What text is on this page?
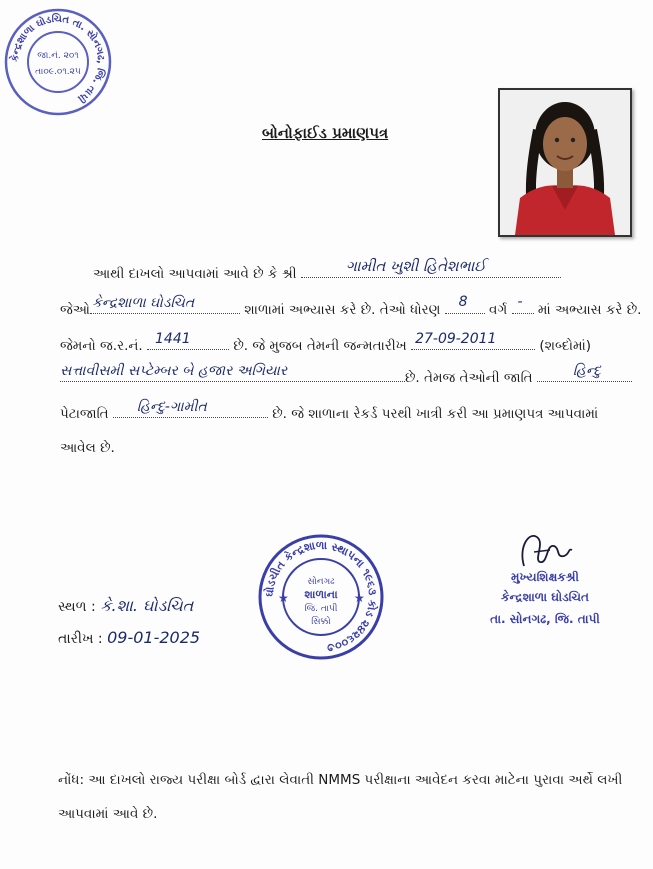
કેન્દ્રશાળા ઘોડચિત તા. સોનગઢ, જિ. તાપી
જા.નં. ૨૦૧
તા૦૯.૦૧.૨૫
બોનોફાઈડ પ્રમાણપત્ર
આથી દાખલો આપવામાં આવે છે કે શ્રી	ગામીત ખુશી હિતેશભાઈ
જેઓ કેન્દ્રશાળા ઘોડચિત	શાળામાં અભ્યાસ કરે છે. તેઓ ધોરણ 8 વર્ગ - માં અભ્યાસ કરે છે.
જેમનો જ.ર.નં. 1441	છે. જે મુજબ તેમની જન્મતારીખ 27-09-2011	(શબ્દોમાં)
સત્તાવીસમી સપ્ટેમ્બર બે હજાર અગિયાર	છે. તેમજ તેઓની જાતિ	હિન્દુ
પેટાજાતિ હિન્દુ-ગામીત	છે. જે શાળાના રેકર્ડ પરથી ખાત્રી કરી આ પ્રમાણપત્ર આપવામાં
આવેલ છે.
સ્થળ : કે.શા. ઘોડચિત
તારીખ : 09-01-2025
ઘોડચીત કેન્દ્રશાળા સ્થાપના ૧૯૬૩ કોડ ૨૪૨૬૦૦૭
★	★
સોનગઢ
શાળાના
જિ. તાપી
સિક્કો
મુખ્યશિક્ષકશ્રી
કેન્દ્રશાળા ઘોડચિત
તા. સોનગઢ, જિ. તાપી
નોંધ: આ દાખલો રાજ્ય પરીક્ષા બોર્ડ દ્વારા લેવાતી NMMS પરીક્ષાના આવેદન કરવા માટેના પુરાવા અર્થે લખી
આપવામાં આવે છે.
